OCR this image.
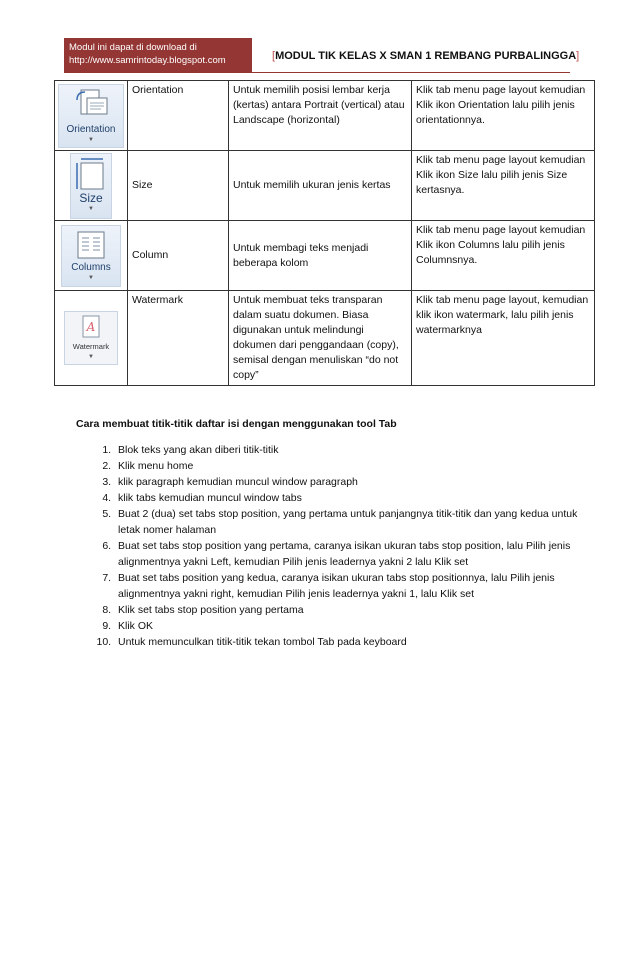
Modul ini dapat di download di
http://www.samrintoday.blogspot.com	[MODUL TIK KELAS X SMAN 1 REMBANG PURBALINGGA]
Orientation
▼	Orientation	Untuk memilih posisi lembar kerja (kertas) antara Portrait (vertical) atau Landscape (horizontal)	Klik tab menu page layout kemudian Klik ikon Orientation lalu pilih jenis orientationnya.

Size
▼	Size	Untuk memilih ukuran jenis kertas	Klik tab menu page layout kemudian Klik ikon Size lalu pilih jenis Size kertasnya.

Columns
▼	Column	Untuk membagi teks menjadi beberapa kolom	Klik tab menu page layout kemudian Klik ikon Columns lalu pilih jenis Columnsnya.

A
Watermark
▼	Watermark	Untuk membuat teks transparan dalam suatu dokumen. Biasa digunakan untuk melindungi dokumen dari penggandaan (copy), semisal dengan menuliskan “do not copy”	Klik tab menu page layout, kemudian klik ikon watermark, lalu pilih jenis watermarknya
Cara membuat titik-titik daftar isi dengan menggunakan tool Tab
1. Blok teks yang akan diberi titik-titik
2. Klik menu home
3. klik paragraph kemudian muncul window paragraph
4. klik tabs kemudian muncul window tabs
5. Buat 2 (dua) set tabs stop position, yang pertama untuk panjangnya titik-titik dan yang kedua untuk letak nomer halaman
6. Buat set tabs stop position yang pertama, caranya isikan ukuran tabs stop position, lalu Pilih jenis alignmentnya yakni Left, kemudian Pilih jenis leadernya yakni 2 lalu Klik set
7. Buat set tabs position yang kedua, caranya isikan ukuran tabs stop positionnya, lalu Pilih jenis alignmentnya yakni right, kemudian Pilih jenis leadernya yakni 1, lalu Klik set
8. Klik set tabs stop position yang pertama
9. Klik OK
10. Untuk memunculkan titik-titik tekan tombol Tab pada keyboard
